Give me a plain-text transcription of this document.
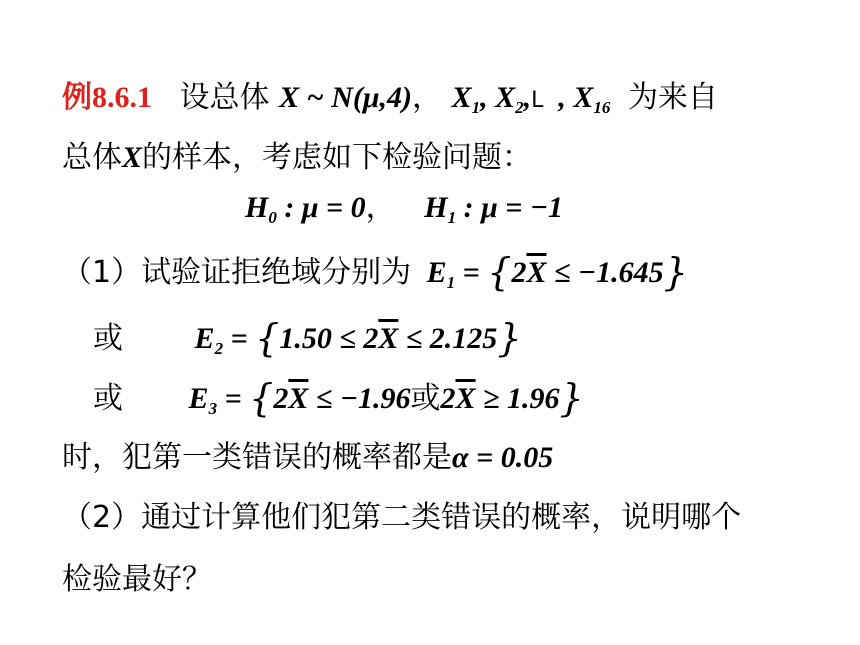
例8.6.1 设总体 X ~ N(μ,4)， $X_1$, $X_2,L$  , $X_{16}$ 为来自
总体X的样本，考虑如下检验问题：
$H_0$ : μ = 0， $H_1$ : μ = −1
（1）试验证拒绝域分别为 $E_1 = \{2\overline{X} \le -1.645\}$
或 $E_2 = \{1.50 \le 2\overline{X} \le 2.125\}$
或 $E_3 = \{2\overline{X} \le -1.96$或$2\overline{X} \ge 1.96$}
时，犯第一类错误的概率都是α = 0.05
（2）通过计算他们犯第二类错误的概率，说明哪个
检验最好？
